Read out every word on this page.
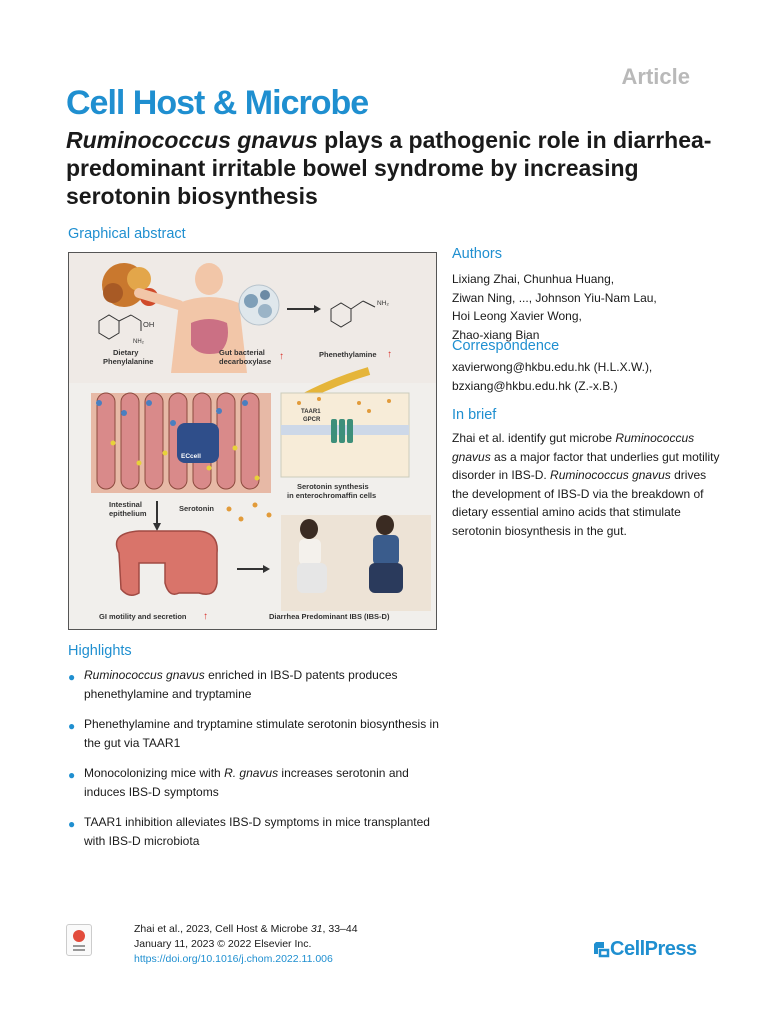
Article
Cell Host & Microbe
Ruminococcus gnavus plays a pathogenic role in diarrhea-predominant irritable bowel syndrome by increasing serotonin biosynthesis
Graphical abstract
OH
NH₂
Dietary
Phenylalanine
Gut bacterial
decarboxylase ↑
NH₂
Phenethylamine ↑
ECcell
TAAR1
GPCR
Serotonin synthesis
in enterochromaffin cells
Intestinal
epithelium
Serotonin
GI motility and secretion ↑	Diarrhea Predominant IBS (IBS-D)
Authors
Lixiang Zhai, Chunhua Huang,
Ziwan Ning, ..., Johnson Yiu-Nam Lau,
Hoi Leong Xavier Wong,
Zhao-xiang Bian
Correspondence
xavierwong@hkbu.edu.hk (H.L.X.W.),
bzxiang@hkbu.edu.hk (Z.-x.B.)
In brief
Zhai et al. identify gut microbe Ruminococcus gnavus as a major factor that underlies gut motility disorder in IBS-D. Ruminococcus gnavus drives the development of IBS-D via the breakdown of dietary essential amino acids that stimulate serotonin biosynthesis in the gut.
Highlights
● Ruminococcus gnavus enriched in IBS-D patents produces phenethylamine and tryptamine
● Phenethylamine and tryptamine stimulate serotonin biosynthesis in the gut via TAAR1
● Monocolonizing mice with R. gnavus increases serotonin and induces IBS-D symptoms
● TAAR1 inhibition alleviates IBS-D symptoms in mice transplanted with IBS-D microbiota
Zhai et al., 2023, Cell Host & Microbe 31, 33–44
January 11, 2023 © 2022 Elsevier Inc.
https://doi.org/10.1016/j.chom.2022.11.006	CellPress
